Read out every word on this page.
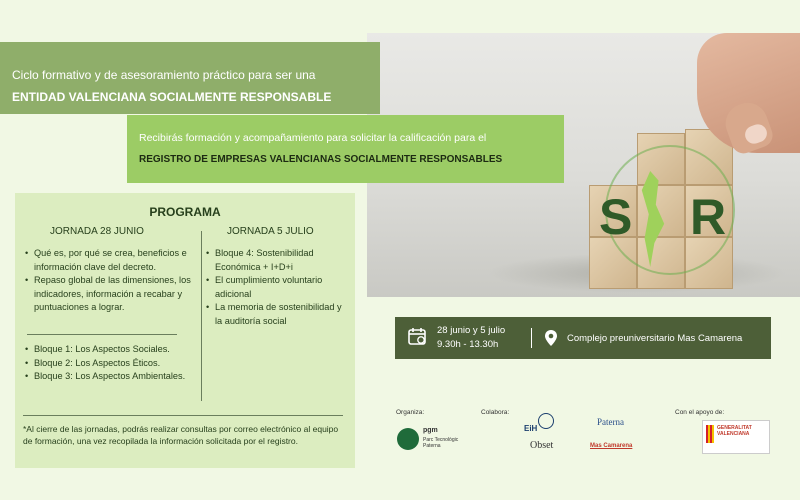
S R
Ciclo formativo y de asesoramiento práctico para ser una
ENTIDAD VALENCIANA SOCIALMENTE RESPONSABLE
Recibirás formación y acompañamiento para solicitar la calificación para el
REGISTRO DE EMPRESAS VALENCIANAS SOCIALMENTE RESPONSABLES
PROGRAMA
JORNADA 28 JUNIO	JORNADA 5 JULIO
• Qué es, por qué se crea, beneficios e información clave del decreto.
• Repaso global de las dimensiones, los indicadores, información a recabar y puntuaciones a lograr.
• Bloque 1: Los Aspectos Sociales.
• Bloque 2: Los Aspectos Éticos.
• Bloque 3: Los Aspectos Ambientales.
• Bloque 4: Sostenibilidad Económica + I+D+i
• El cumplimiento voluntario adicional
• La memoria de sostenibilidad y la auditoría social
*Al cierre de las jornadas, podrás realizar consultas por correo electrónico al equipo de formación, una vez recopilada la información solicitada por el registro.
28 junio y 5 julio
9.30h - 13.30h
Complejo preuniversitario Mas Camarena
Organiza:	Colabora:	Con el apoyo de:
pgm
Parc Tecnològic Paterna
EiH
Obset
Paterna
Mas Camarena
GENERALITAT VALENCIANA
